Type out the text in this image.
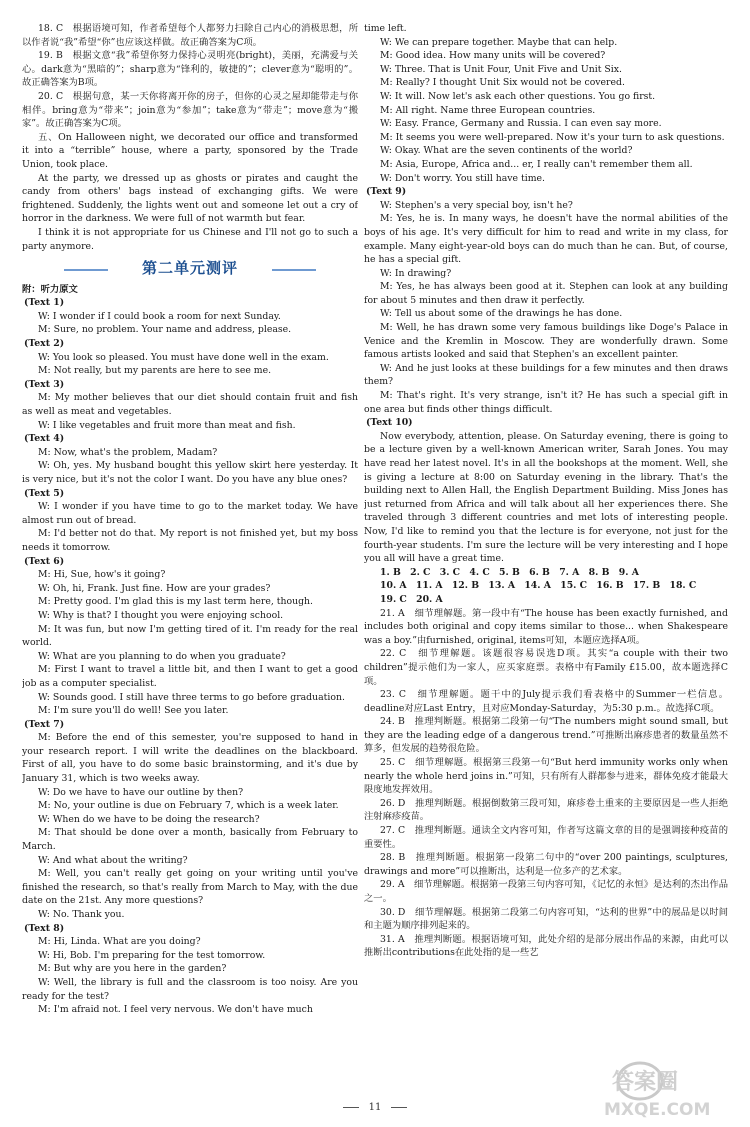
18. C　根据语境可知，作者希望每个人都努力扫除自己内心的消极思想，所以作者说“我”希望“你”也应该这样做。故正确答案为C项。

19. B　根据文意“我”希望你努力保持心灵明亮(bright)，美丽，充满爱与关心。dark意为“黑暗的”；sharp意为“锋利的，敏捷的”；clever意为“聪明的”。故正确答案为B项。

20. C　根据句意，某一天你将离开你的房子，但你的心灵之屋却能带走与你相伴。bring意为“带来”；join意为“参加”；take意为“带走”；move意为“搬家”。故正确答案为C项。

五、On Halloween night, we decorated our office and transformed it into a “terrible” house, where a party, sponsored by the Trade Union, took place.

At the party, we dressed up as ghosts or pirates and caught the candy from others' bags instead of exchanging gifts. We were frightened. Suddenly, the lights went out and someone let out a cry of horror in the darkness. We were full of not warmth but fear.

I think it is not appropriate for us Chinese and I'll not go to such a party anymore.

第二单元测评

附：听力原文

(Text 1)

W: I wonder if I could book a room for next Sunday.

M: Sure, no problem. Your name and address, please.

(Text 2)

W: You look so pleased. You must have done well in the exam.

M: Not really, but my parents are here to see me.

(Text 3)

M: My mother believes that our diet should contain fruit and fish as well as meat and vegetables.

W: I like vegetables and fruit more than meat and fish.

(Text 4)

M: Now, what's the problem, Madam?

W: Oh, yes. My husband bought this yellow skirt here yesterday. It is very nice, but it's not the color I want. Do you have any blue ones?

(Text 5)

W: I wonder if you have time to go to the market today. We have almost run out of bread.

M: I'd better not do that. My report is not finished yet, but my boss needs it tomorrow.

(Text 6)

M: Hi, Sue, how's it going?

W: Oh, hi, Frank. Just fine. How are your grades?

M: Pretty good. I'm glad this is my last term here, though.

W: Why is that? I thought you were enjoying school.

M: It was fun, but now I'm getting tired of it. I'm ready for the real world.

W: What are you planning to do when you graduate?

M: First I want to travel a little bit, and then I want to get a good job as a computer specialist.

W: Sounds good. I still have three terms to go before graduation.

M: I'm sure you'll do well! See you later.

(Text 7)

M: Before the end of this semester, you're supposed to hand in your research report. I will write the deadlines on the blackboard. First of all, you have to do some basic brainstorming, and it's due by January 31, which is two weeks away.

W: Do we have to have our outline by then?

M: No, your outline is due on February 7, which is a week later.

W: When do we have to be doing the research?

M: That should be done over a month, basically from February to March.

W: And what about the writing?

M: Well, you can't really get going on your writing until you've finished the research, so that's really from March to May, with the due date on the 21st. Any more questions?

W: No. Thank you.

(Text 8)

M: Hi, Linda. What are you doing?

W: Hi, Bob. I'm preparing for the test tomorrow.

M: But why are you here in the garden?

W: Well, the library is full and the classroom is too noisy. Are you ready for the test?

M: I'm afraid not. I feel very nervous. We don't have much

time left.

W: We can prepare together. Maybe that can help.

M: Good idea. How many units will be covered?

W: Three. That is Unit Four, Unit Five and Unit Six.

M: Really? I thought Unit Six would not be covered.

W: It will. Now let's ask each other questions. You go first.

M: All right. Name three European countries.

W: Easy. France, Germany and Russia. I can even say more.

M: It seems you were well-prepared. Now it's your turn to ask questions.

W: Okay. What are the seven continents of the world?

M: Asia, Europe, Africa and... er, I really can't remember them all.

W: Don't worry. You still have time.

(Text 9)

W: Stephen's a very special boy, isn't he?

M: Yes, he is. In many ways, he doesn't have the normal abilities of the boys of his age. It's very difficult for him to read and write in my class, for example. Many eight-year-old boys can do much than he can. But, of course, he has a special gift.

W: In drawing?

M: Yes, he has always been good at it. Stephen can look at any building for about 5 minutes and then draw it perfectly.

W: Tell us about some of the drawings he has done.

M: Well, he has drawn some very famous buildings like Doge's Palace in Venice and the Kremlin in Moscow. They are wonderfully drawn. Some famous artists looked and said that Stephen's an excellent painter.

W: And he just looks at these buildings for a few minutes and then draws them?

M: That's right. It's very strange, isn't it? He has such a special gift in one area but finds other things difficult.

(Text 10)

Now everybody, attention, please. On Saturday evening, there is going to be a lecture given by a well-known American writer, Sarah Jones. You may have read her latest novel. It's in all the bookshops at the moment. Well, she is giving a lecture at 8:00 on Saturday evening in the library. That's the building next to Allen Hall, the English Department Building. Miss Jones has just returned from Africa and will talk about all her experiences there. She traveled through 3 different countries and met lots of interesting people. Now, I'd like to remind you that the lecture is for everyone, not just for the fourth-year students. I'm sure the lecture will be very interesting and I hope you all will have a great time.

1. B　2. C　3. C　4. C　5. B　6. B　7. A　8. B　9. A

10. A　11. A　12. B　13. A　14. A　15. C　16. B　17. B　18. C

19. C　20. A

21. A　细节理解题。第一段中有“The house has been exactly furnished, and includes both original and copy items similar to those... when Shakespeare was a boy.”由furnished, original, items可知，本题应选择A项。

22. C　细节理解题。该题很容易误选D项。其实“a couple with their two children”提示他们为一家人，应买家庭票。表格中有Family £15.00，故本题选择C项。

23. C　细节理解题。题干中的July提示我们看表格中的Summer一栏信息。deadline对应Last Entry，且对应Monday-Saturday，为5:30 p.m.。故选择C项。

24. B　推理判断题。根据第二段第一句“The numbers might sound small, but they are the leading edge of a dangerous trend.”可推断出麻疹患者的数量虽然不算多，但发展的趋势很危险。

25. C　细节理解题。根据第三段第一句“But herd immunity works only when nearly the whole herd joins in.”可知，只有所有人群都参与进来，群体免疫才能最大限度地发挥效用。

26. D　推理判断题。根据倒数第三段可知，麻疹卷土重来的主要原因是一些人拒绝注射麻疹疫苗。

27. C　推理判断题。通读全文内容可知，作者写这篇文章的目的是强调接种疫苗的重要性。

28. B　推理判断题。根据第一段第二句中的“over 200 paintings, sculptures, drawings and more”可以推断出，达利是一位多产的艺术家。

29. A　细节理解题。根据第一段第三句内容可知，《记忆的永恒》是达利的杰出作品之一。

30. D　细节理解题。根据第二段第二句内容可知，“达利的世界”中的展品是以时间和主题为顺序排列起来的。

31. A　推理判断题。根据语境可知，此处介绍的是部分展出作品的来源，由此可以推断出contributions在此处指的是一些艺

11
答案圈
MXQE.COM
